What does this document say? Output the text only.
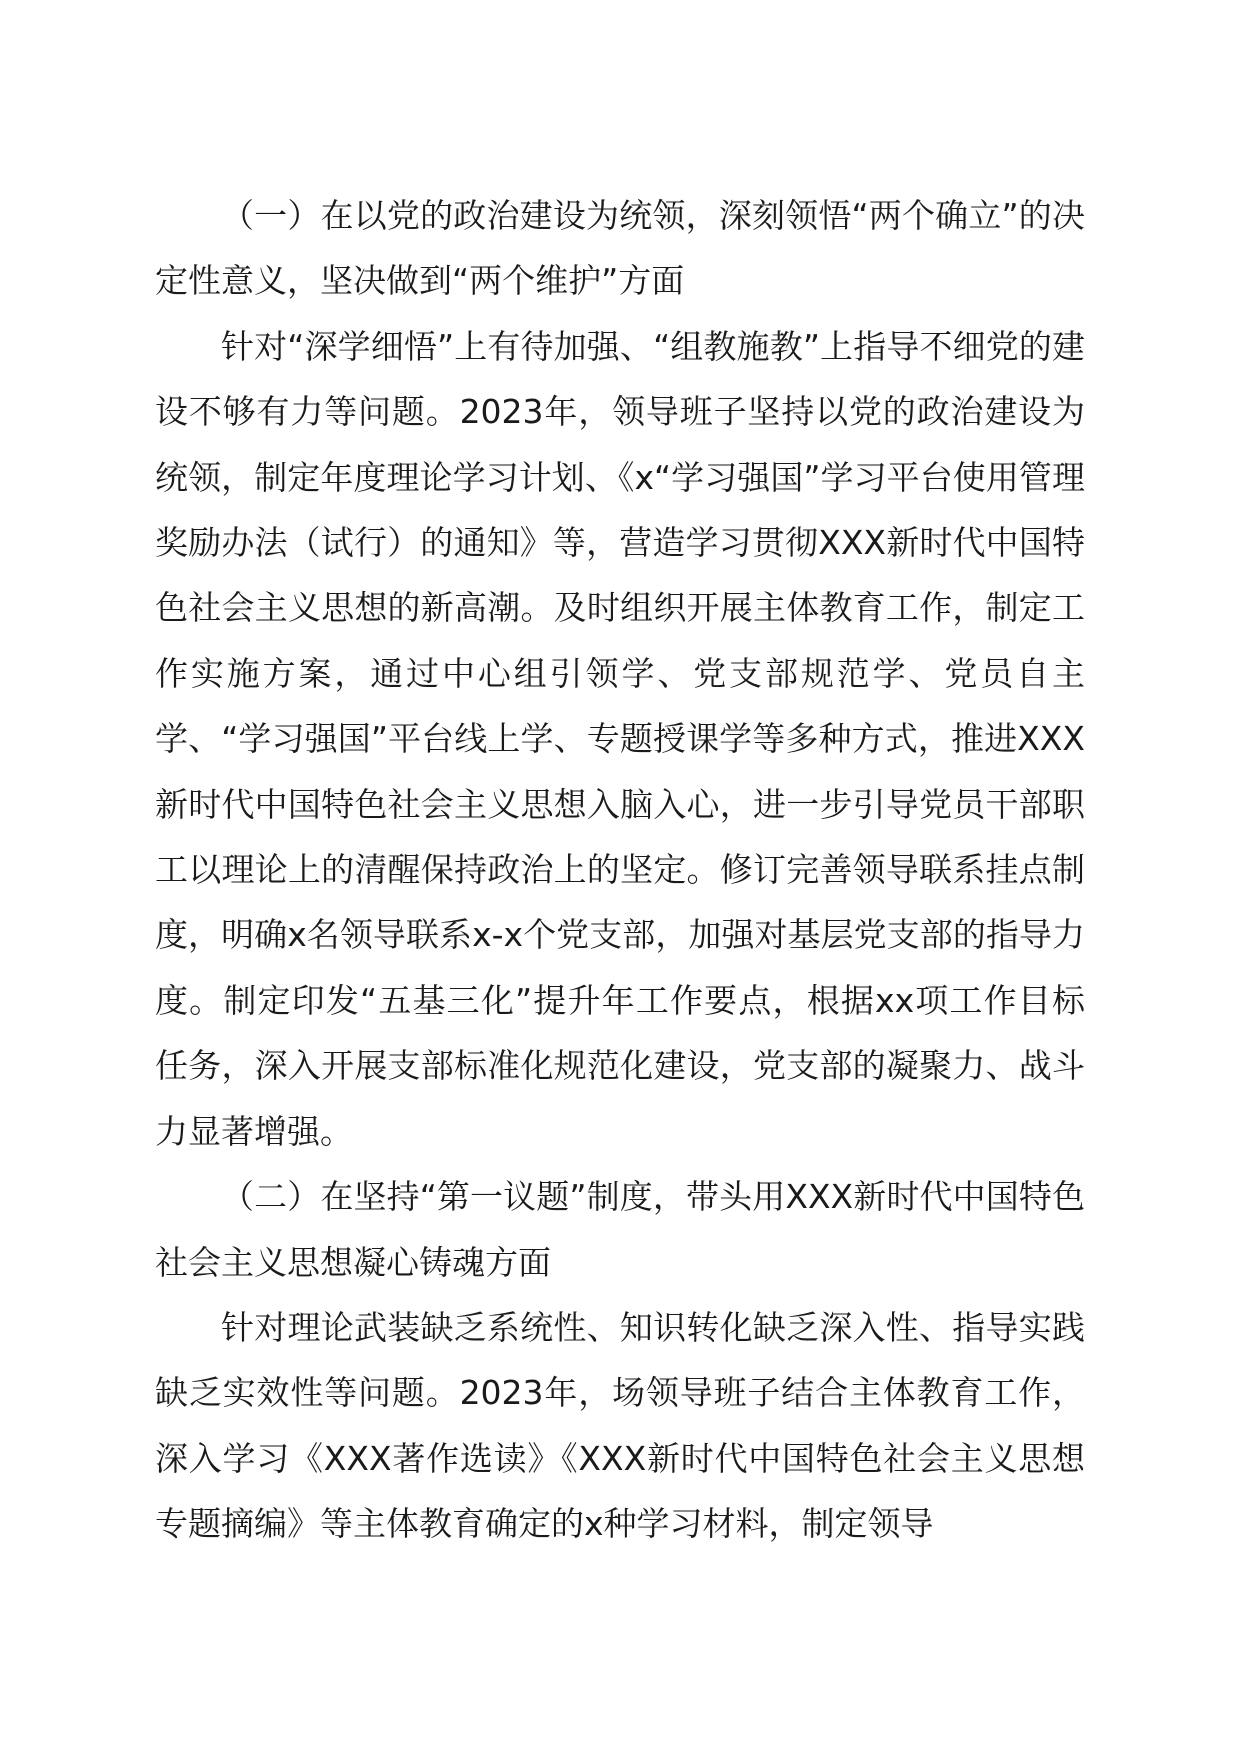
（一）在以党的政治建设为统领，深刻领悟“两个确立”的决定性意义，坚决做到“两个维护”方面

针对“深学细悟”上有待加强、“组教施教”上指导不细党的建设不够有力等问题。2023年，领导班子坚持以党的政治建设为统领，制定年度理论学习计划、《x“学习强国”学习平台使用管理奖励办法（试行）的通知》等，营造学习贯彻XXX新时代中国特色社会主义思想的新高潮。及时组织开展主体教育工作，制定工作实施方案，通过中心组引领学、党支部规范学、党员自主学、“学习强国”平台线上学、专题授课学等多种方式，推进XXX新时代中国特色社会主义思想入脑入心，进一步引导党员干部职工以理论上的清醒保持政治上的坚定。修订完善领导联系挂点制度，明确x名领导联系x-x个党支部，加强对基层党支部的指导力度。制定印发“五基三化”提升年工作要点，根据xx项工作目标任务，深入开展支部标准化规范化建设，党支部的凝聚力、战斗力显著增强。

（二）在坚持“第一议题”制度，带头用XXX新时代中国特色社会主义思想凝心铸魂方面

针对理论武装缺乏系统性、知识转化缺乏深入性、指导实践缺乏实效性等问题。2023年，场领导班子结合主体教育工作，深入学习《XXX著作选读》《XXX新时代中国特色社会主义思想专题摘编》等主体教育确定的x种学习材料，制定领导
